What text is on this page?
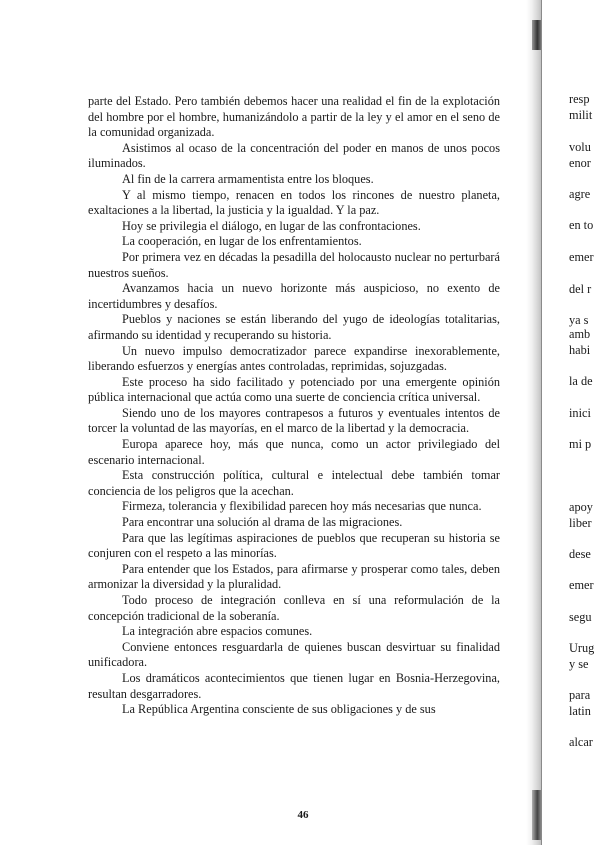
parte del Estado. Pero también debemos hacer una realidad el fin de la explotación del hombre por el hombre, humanizándolo a partir de la ley y el amor en el seno de la comunidad organizada.

Asistimos al ocaso de la concentración del poder en manos de unos pocos iluminados.

Al fin de la carrera armamentista entre los bloques.

Y al mismo tiempo, renacen en todos los rincones de nuestro planeta, exaltaciones a la libertad, la justicia y la igualdad. Y la paz.

Hoy se privilegia el diálogo, en lugar de las confrontaciones.

La cooperación, en lugar de los enfrentamientos.

Por primera vez en décadas la pesadilla del holocausto nuclear no perturbará nuestros sueños.

Avanzamos hacia un nuevo horizonte más auspicioso, no exento de incertidumbres y desafíos.

Pueblos y naciones se están liberando del yugo de ideologías totalitarias, afirmando su identidad y recuperando su historia.

Un nuevo impulso democratizador parece expandirse inexorablemente, liberando esfuerzos y energías antes controladas, reprimidas, sojuzgadas.

Este proceso ha sido facilitado y potenciado por una emergente opinión pública internacional que actúa como una suerte de conciencia crítica universal.

Siendo uno de los mayores contrapesos a futuros y eventuales intentos de torcer la voluntad de las mayorías, en el marco de la libertad y la democracia.

Europa aparece hoy, más que nunca, como un actor privilegiado del escenario internacional.

Esta construcción política, cultural e intelectual debe también tomar conciencia de los peligros que la acechan.

Firmeza, tolerancia y flexibilidad parecen hoy más necesarias que nunca.

Para encontrar una solución al drama de las migraciones.

Para que las legítimas aspiraciones de pueblos que recuperan su historia se conjuren con el respeto a las minorías.

Para entender que los Estados, para afirmarse y prosperar como tales, deben armonizar la diversidad y la pluralidad.

Todo proceso de integración conlleva en sí una reformulación de la concepción tradicional de la soberanía.

La integración abre espacios comunes.

Conviene entonces resguardarla de quienes buscan desvirtuar su finalidad unificadora.

Los dramáticos acontecimientos que tienen lugar en Bosnia-Herzegovina, resultan desgarradores.

La República Argentina consciente de sus obligaciones y de sus

46
resp
milit
volu
enor
agre
en to
emer
del r
ya s
amb
habi
la de
inici
mi p
apoy
liber
dese
emer
segu
Urug
y se
para
latin
alcar
